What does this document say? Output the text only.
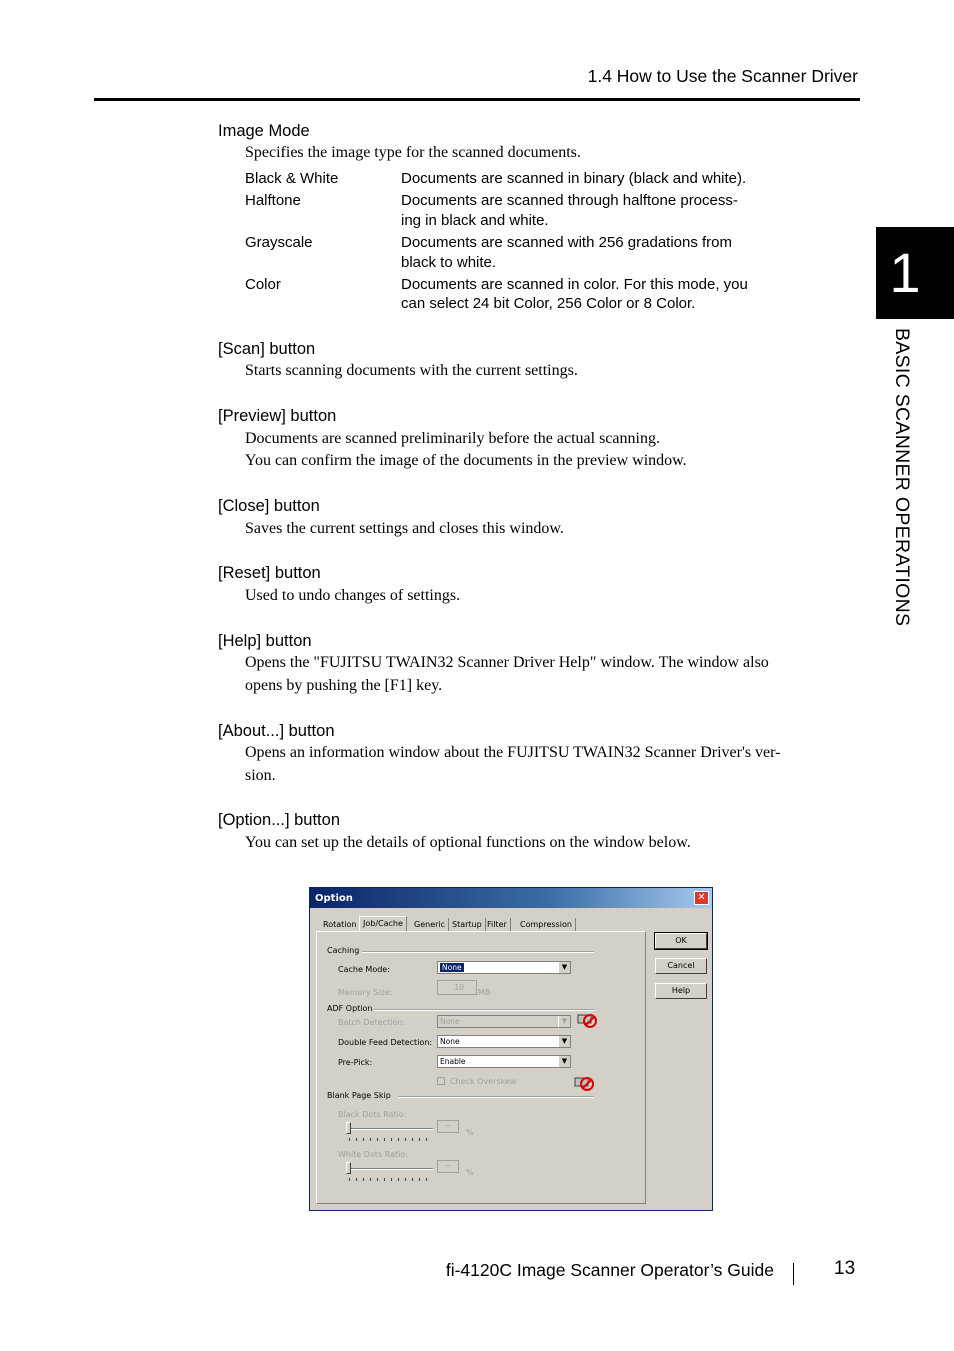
1.4 How to Use the Scanner Driver
1
BASIC SCANNER OPERATIONS
Image Mode
Specifies the image type for the scanned documents.
Black & White	Documents are scanned in binary (black and white).
Halftone	Documents are scanned through halftone process-
ing in black and white.
Grayscale	Documents are scanned with 256 gradations from
black to white.
Color	Documents are scanned in color. For this mode, you
can select 24 bit Color, 256 Color or 8 Color.
[Scan] button
Starts scanning documents with the current settings.
[Preview] button
Documents are scanned preliminarily before the actual scanning.
You can confirm the image of the documents in the preview window.
[Close] button
Saves the current settings and closes this window.
[Reset] button
Used to undo changes of settings.
[Help] button
Opens the "FUJITSU TWAIN32 Scanner Driver Help" window. The window also
opens by pushing the [F1] key.
[About...] button
Opens an information window about the FUJITSU TWAIN32 Scanner Driver's ver-
sion.
[Option...] button
You can set up the details of optional functions on the window below.
Option	✕
Rotation Job/Cache	Generic Startup Filter	Compression
Caching
Cache Mode:	None	▼
Memory Size:
10
MB
ADF Option
Batch Detection:	None	▼
Double Feed Detection:	None	▼
Pre-Pick:	Enable	▼
Check Overskew
Blank Page Skip
Black Dots Ratio:
--
%
White Dots Ratio:
--
%
OK
Cancel
Help
fi-4120C Image Scanner Operator’s Guide	13
